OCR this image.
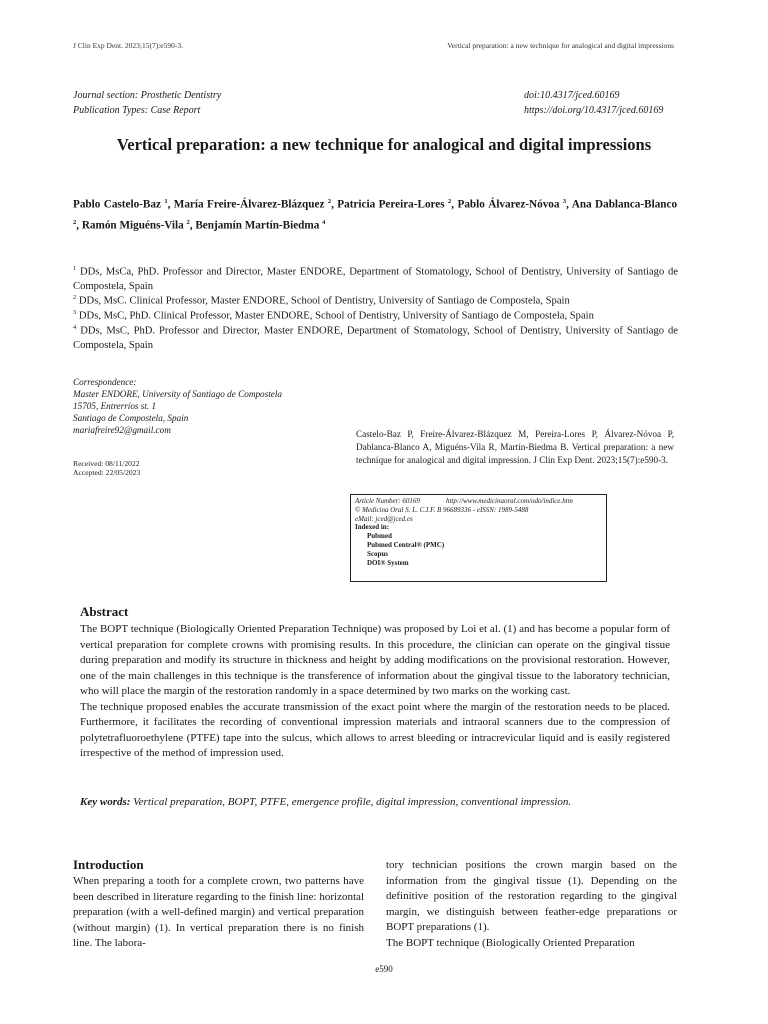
J Clin Exp Dent. 2023;15(7):e590-3.	Vertical preparation: a new technique for analogical and digital impressions
Journal section: Prosthetic Dentistry
Publication Types: Case Report
doi:10.4317/jced.60169
https://doi.org/10.4317/jced.60169
Vertical preparation: a new technique for analogical and digital impressions
Pablo Castelo-Baz $^1$, María Freire-Álvarez-Blázquez $^2$, Patricia Pereira-Lores $^2$, Pablo Álvarez-Nóvoa $^3$, Ana Dablanca-Blanco $^2$, Ramón Miguéns-Vila $^2$, Benjamín Martín-Biedma $^4$
$^1$ DDs, MsCa, PhD. Professor and Director, Master ENDORE, Department of Stomatology, School of Dentistry, University of Santiago de Compostela, Spain
$^2$ DDs, MsC. Clinical Professor, Master ENDORE, School of Dentistry, University of Santiago de Compostela, Spain
$^3$ DDs, MsC, PhD. Clinical Professor, Master ENDORE, School of Dentistry, University of Santiago de Compostela, Spain
$^4$ DDs, MsC, PhD. Professor and Director, Master ENDORE, Department of Stomatology, School of Dentistry, University of Santiago de Compostela, Spain
Correspondence:
Master ENDORE, University of Santiago de Compostela
15705, Entrerríos st. 1
Santiago de Compostela, Spain
mariafreire92@gmail.com
Received: 08/11/2022
Accepted: 22/05/2023
Castelo-Baz P, Freire-Álvarez-Blázquez M, Pereira-Lores P, Álvarez-Nóvoa P, Dablanca-Blanco A, Miguéns-Vila R, Martín-Biedma B. Vertical preparation: a new technique for analogical and digital impression. J Clin Exp Dent. 2023;15(7):e590-3.
Article Number: 60169	http://www.medicinaoral.com/odo/indice.htm
© Medicina Oral S. L. C.I.F. B 96689336 - eISSN: 1989-5488
eMail: jced@jced.es
Indexed in:
Pubmed
Pubmed Central® (PMC)
Scopus
DOI® System
Abstract

The BOPT technique (Biologically Oriented Preparation Technique) was proposed by Loi et al. (1) and has become a popular form of vertical preparation for complete crowns with promising results. In this procedure, the clinician can operate on the gingival tissue during preparation and modify its structure in thickness and height by adding modifications on the provisional restoration. However, one of the main challenges in this technique is the transference of information about the gingival tissue to the laboratory technician, who will place the margin of the restoration randomly in a space determined by two marks on the working cast.

The technique proposed enables the accurate transmission of the exact point where the margin of the restoration needs to be placed. Furthermore, it facilitates the recording of conventional impression materials and intraoral scanners due to the compression of polytetrafluoroethylene (PTFE) tape into the sulcus, which allows to arrest bleeding or intracrevicular liquid and is easily registered irrespective of the method of impression used.

Key words: Vertical preparation, BOPT, PTFE, emergence profile, digital impression, conventional impression.
Introduction

When preparing a tooth for a complete crown, two patterns have been described in literature regarding to the finish line: horizontal preparation (with a well-defined margin) and vertical preparation (without margin) (1). In vertical preparation there is no finish line. The labora-

tory technician positions the crown margin based on the information from the gingival tissue (1). Depending on the definitive position of the restoration regarding to the gingival margin, we distinguish between feather-edge preparations or BOPT preparations (1).

The BOPT technique (Biologically Oriented Preparation

e590
